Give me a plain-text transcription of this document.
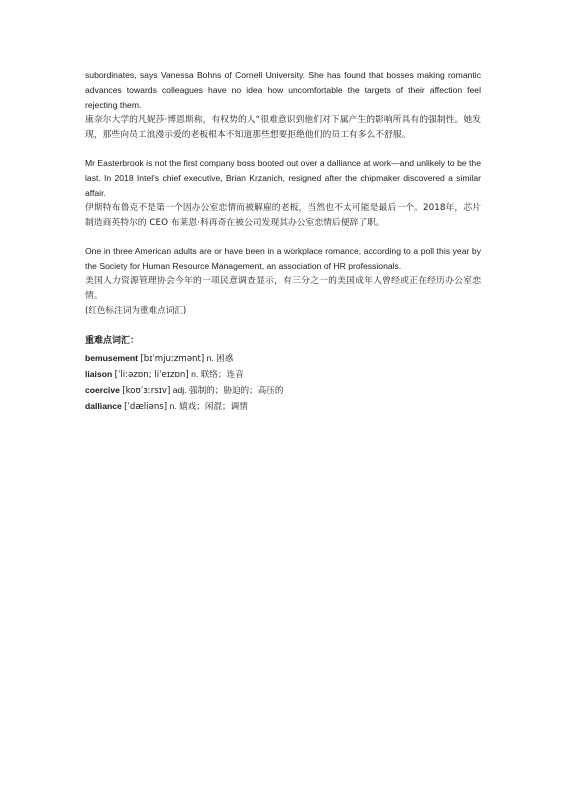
subordinates, says Vanessa Bohns of Cornell University. She has found that bosses making romantic advances towards colleagues have no idea how uncomfortable the targets of their affection feel rejecting them.

康奈尔大学的凡妮莎·博恩斯称，有权势的人“很难意识到他们对下属产生的影响所具有的强制性。她发现，那些向员工浪漫示爱的老板根本不知道那些想要拒绝他们的员工有多么不舒服。

Mr Easterbrook is not the first company boss booted out over a dalliance at work—and unlikely to be the last. In 2018 Intel’s chief executive, Brian Krzanich, resigned after the chipmaker discovered a similar affair.

伊斯特布鲁克不是第一个因办公室恋情而被解雇的老板，当然也不太可能是最后一个。2018年，芯片制造商英特尔的 CEO 布莱恩·科再奇在被公司发现其办公室恋情后便辞了职。

One in three American adults are or have been in a workplace romance, according to a poll this year by the Society for Human Resource Management, an association of HR professionals.

美国人力资源管理协会今年的一项民意调查显示，有三分之一的美国成年人曾经或正在经历办公室恋情。

(红色标注词为重难点词汇)

重难点词汇：

bemusement [bɪˈmjuːzmənt] n. 困惑

liaison [ˈliːəzɒn; liˈeɪzɒn] n. 联络；连音

coercive [koʊˈɜːrsɪv] adj. 强制的；胁迫的；高压的

dalliance [ˈdæliəns] n. 嬉戏；闲混；调情
